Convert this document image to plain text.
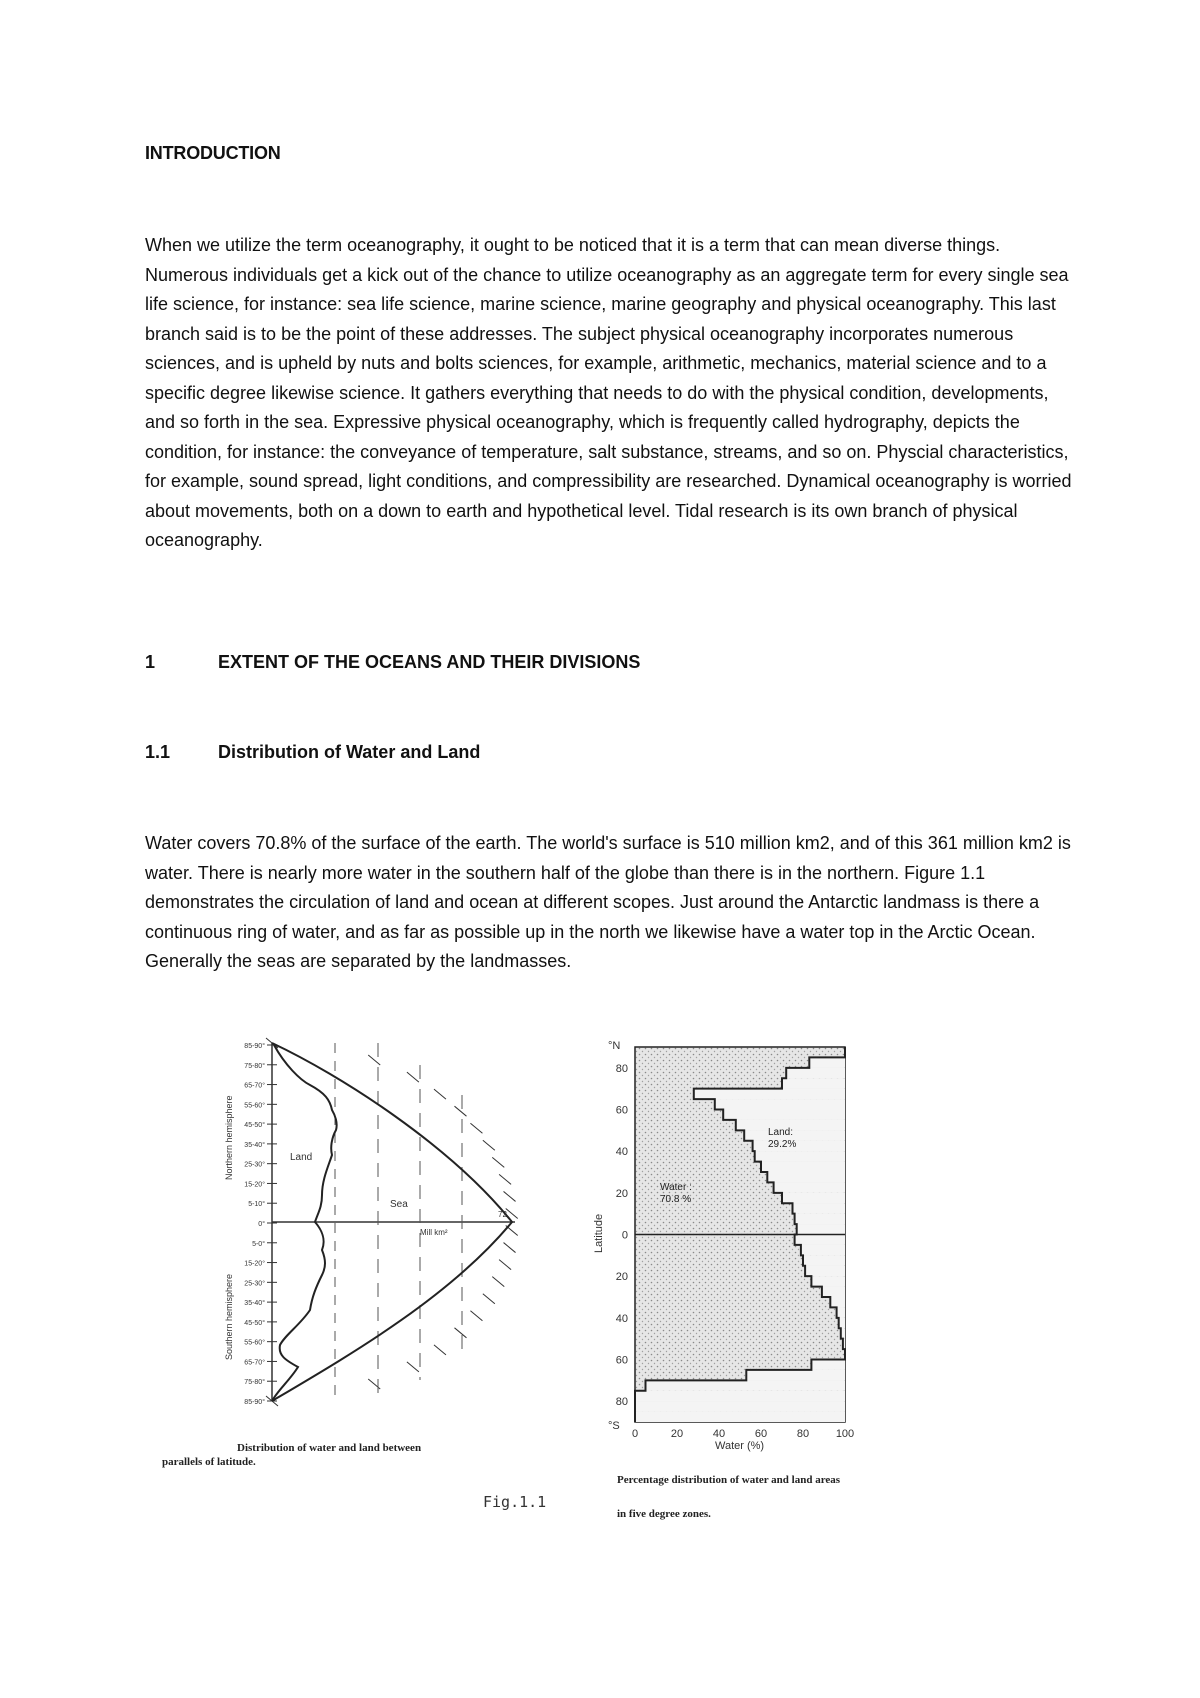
INTRODUCTION

When we utilize the term oceanography, it ought to be noticed that it is a term that can mean diverse things. Numerous individuals get a kick out of the chance to utilize oceanography as an aggregate term for every single sea life science, for instance: sea life science, marine science, marine geography and physical oceanography. This last branch said is to be the point of these addresses. The subject physical oceanography incorporates numerous sciences, and is upheld by nuts and bolts sciences, for example, arithmetic, mechanics, material science and to a specific degree likewise science. It gathers everything that needs to do with the physical condition, developments, and so forth in the sea. Expressive physical oceanography, which is frequently called hydrography, depicts the condition, for instance: the conveyance of temperature, salt substance, streams, and so on. Physcial characteristics, for example, sound spread, light conditions, and compressibility are researched. Dynamical oceanography is worried about movements, both on a down to earth and hypothetical level. Tidal research is its own branch of physical oceanography.

1	EXTENT OF THE OCEANS AND THEIR DIVISIONS
1.1	Distribution of Water and Land

Water covers 70.8% of the surface of the earth. The world's surface is 510 million km2, and of this 361 million km2 is water. There is nearly more water in the southern half of the globe than there is in the northern. Figure 1.1 demonstrates the circulation of land and ocean at different scopes. Just around the Antarctic landmass is there a continuous ring of water, and as far as possible up in the north we likewise have a water top in the Arctic Ocean. Generally the seas are separated by the landmasses.

Land
Sea
Mill km²
72
Northern hemisphere
Southern hemisphere
85-90°
75-80°
65-70°
55-60°
45-50°
35-40°
25-30°
15-20°
5-10°
0°
5-0°
15-20°
25-30°
35-40°
45-50°
55-60°
65-70°
75-80°
85-90°
80
60
40
20
0
20
40
60
80
0	20	40	60	80 100
°N
°S
Latitude
Water (%)
Water :
70.8 %
Land:
29.2%
Distribution of water and land between
parallels of latitude.
Percentage distribution of water and land areas
in five degree zones.
Fig.1.1
